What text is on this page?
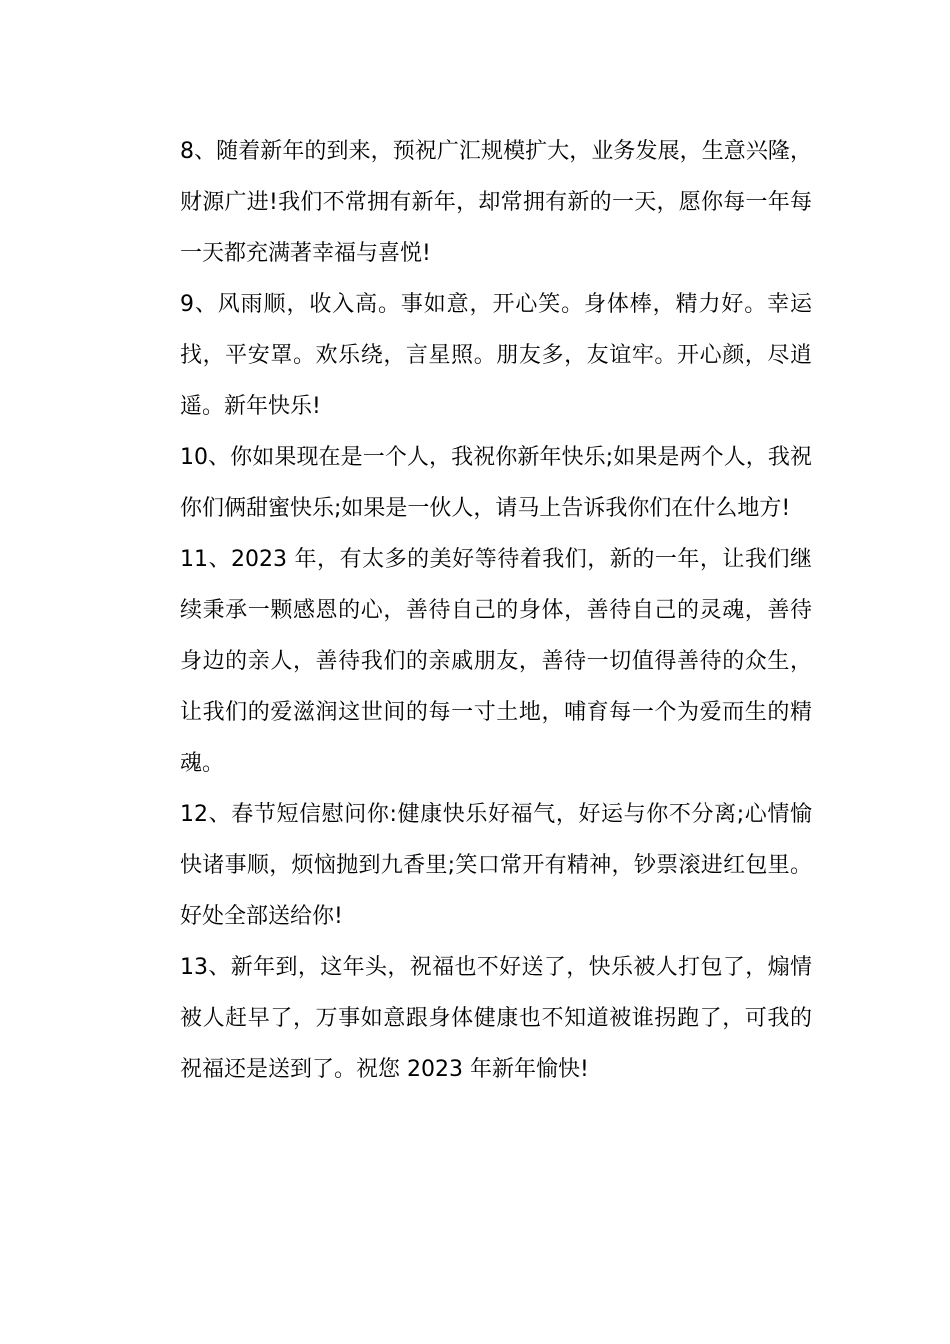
8、随着新年的到来，预祝广汇规模扩大，业务发展，生意兴隆，财源广进!我们不常拥有新年，却常拥有新的一天，愿你每一年每一天都充满著幸福与喜悦!

9、风雨顺，收入高。事如意，开心笑。身体棒，精力好。幸运找，平安罩。欢乐绕，言星照。朋友多，友谊牢。开心颜，尽逍遥。新年快乐!

10、你如果现在是一个人，我祝你新年快乐;如果是两个人，我祝你们俩甜蜜快乐;如果是一伙人，请马上告诉我你们在什么地方!

11、2023 年，有太多的美好等待着我们，新的一年，让我们继续秉承一颗感恩的心，善待自己的身体，善待自己的灵魂，善待身边的亲人，善待我们的亲戚朋友，善待一切值得善待的众生，让我们的爱滋润这世间的每一寸土地，哺育每一个为爱而生的精魂。

12、春节短信慰问你:健康快乐好福气，好运与你不分离;心情愉快诸事顺，烦恼抛到九香里;笑口常开有精神，钞票滚进红包里。好处全部送给你!

13、新年到，这年头，祝福也不好送了，快乐被人打包了，煽情被人赶早了，万事如意跟身体健康也不知道被谁拐跑了，可我的祝福还是送到了。祝您 2023 年新年愉快!
